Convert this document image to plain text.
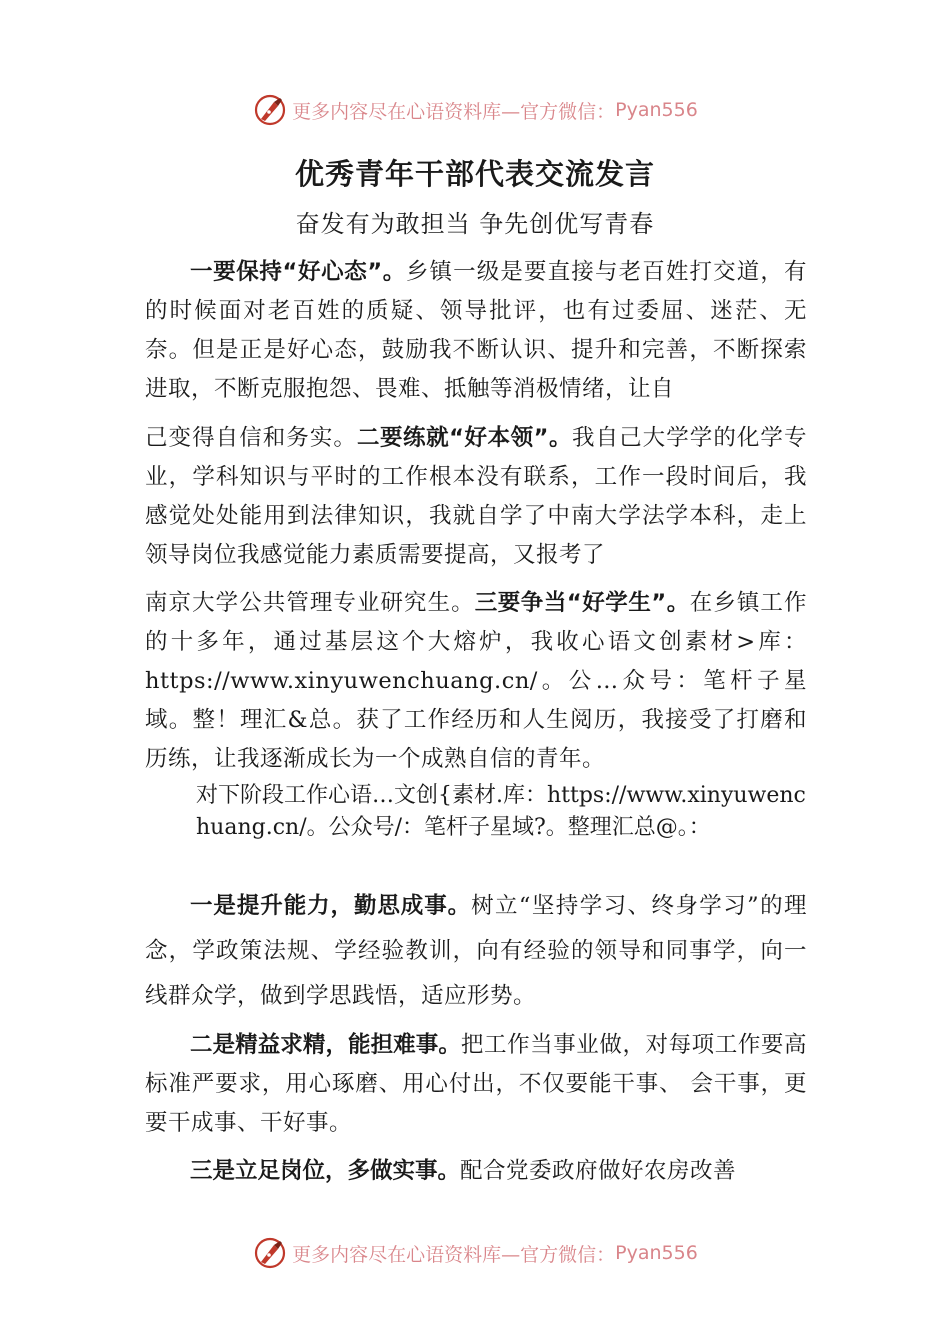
更多内容尽在心语资料库—官方微信： Pyan556
优秀青年干部代表交流发言
奋发有为敢担当 争先创优写青春

一要保持“好心态”。乡镇一级是要直接与老百姓打交道，有的时候面对老百姓的质疑、领导批评，也有过委屈、迷茫、无奈。但是正是好心态，鼓励我不断认识、提升和完善，不断探索进取，不断克服抱怨、畏难、抵触等消极情绪，让自

己变得自信和务实。二要练就“好本领”。我自己大学学的化学专业，学科知识与平时的工作根本没有联系，工作一段时间后，我感觉处处能用到法律知识，我就自学了中南大学法学本科，走上领导岗位我感觉能力素质需要提高，又报考了

南京大学公共管理专业研究生。三要争当“好学生”。在乡镇工作的十多年，通过基层这个大熔炉，我收心语文创素材>库：https://www.xinyuwenchuang.cn/。公…众号：笔杆子星域。整！理汇&总。获了工作经历和人生阅历，我接受了打磨和历练，让我逐渐成长为一个成熟自信的青年。

对下阶段工作心语…文创{素材.库：https://www.xinyuwenchuang.cn/。公众号/：笔杆子星域?。整理汇总@。：

一是提升能力，勤思成事。树立“坚持学习、终身学习”的理念，学政策法规、学经验教训，向有经验的领导和同事学，向一线群众学，做到学思践悟，适应形势。

二是精益求精，能担难事。把工作当事业做，对每项工作要高标准严要求，用心琢磨、用心付出，不仅要能干事、 会干事，更要干成事、干好事。

三是立足岗位，多做实事。配合党委政府做好农房改善

更多内容尽在心语资料库—官方微信： Pyan556
